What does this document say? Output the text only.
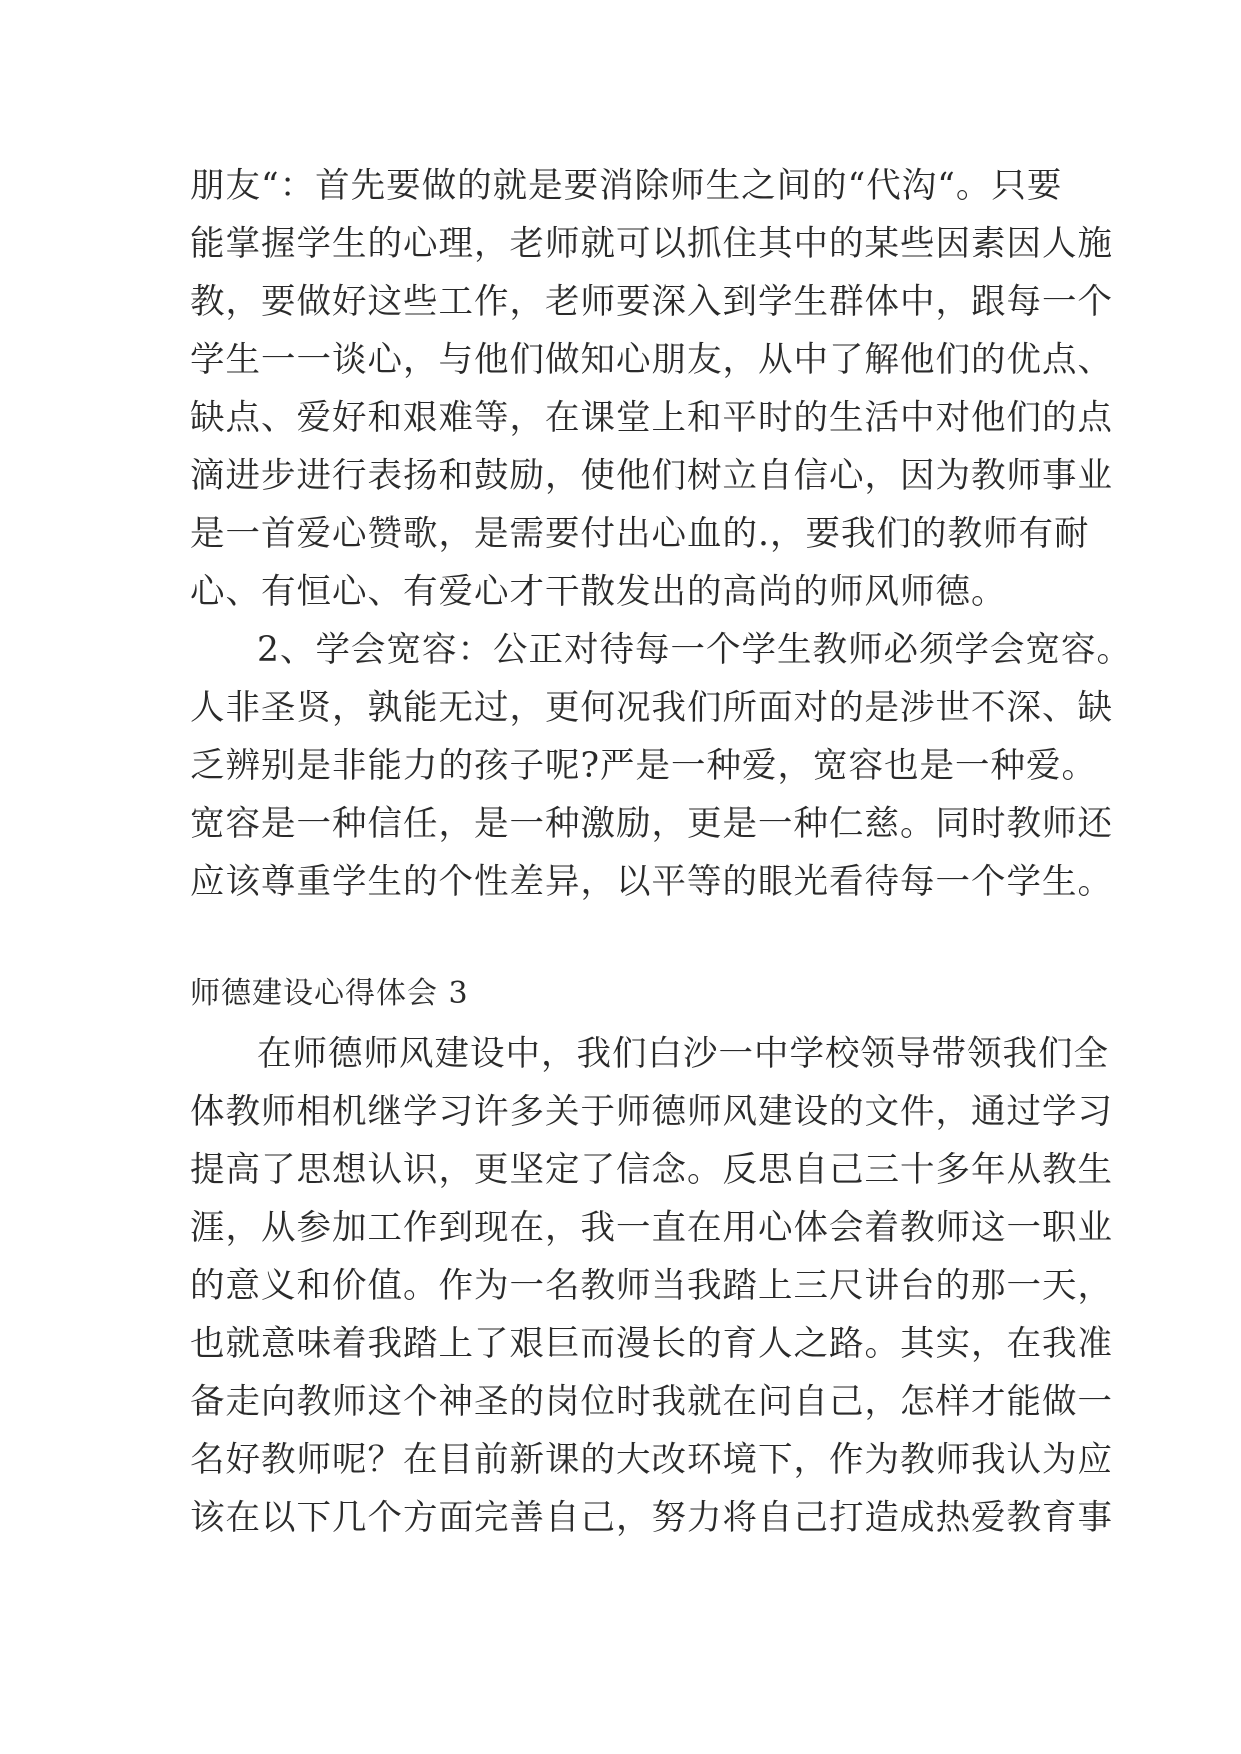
朋友“：首先要做的就是要消除师生之间的“代沟“。只要
能掌握学生的心理，老师就可以抓住其中的某些因素因人施
教，要做好这些工作，老师要深入到学生群体中，跟每一个
学生一一谈心，与他们做知心朋友，从中了解他们的优点、
缺点、爱好和艰难等，在课堂上和平时的生活中对他们的点
滴进步进行表扬和鼓励，使他们树立自信心，因为教师事业
是一首爱心赞歌，是需要付出心血的.，要我们的教师有耐
心、有恒心、有爱心才干散发出的高尚的师风师德。
2、学会宽容：公正对待每一个学生教师必须学会宽容。
人非圣贤，孰能无过，更何况我们所面对的是涉世不深、缺
乏辨别是非能力的孩子呢?严是一种爱，宽容也是一种爱。
宽容是一种信任，是一种激励，更是一种仁慈。同时教师还
应该尊重学生的个性差异，以平等的眼光看待每一个学生。
师德建设心得体会 3
在师德师风建设中，我们白沙一中学校领导带领我们全
体教师相机继学习许多关于师德师风建设的文件，通过学习
提高了思想认识，更坚定了信念。反思自己三十多年从教生
涯，从参加工作到现在，我一直在用心体会着教师这一职业
的意义和价值。作为一名教师当我踏上三尺讲台的那一天，
也就意味着我踏上了艰巨而漫长的育人之路。其实，在我准
备走向教师这个神圣的岗位时我就在问自己，怎样才能做一
名好教师呢？在目前新课的大改环境下，作为教师我认为应
该在以下几个方面完善自己，努力将自己打造成热爱教育事
